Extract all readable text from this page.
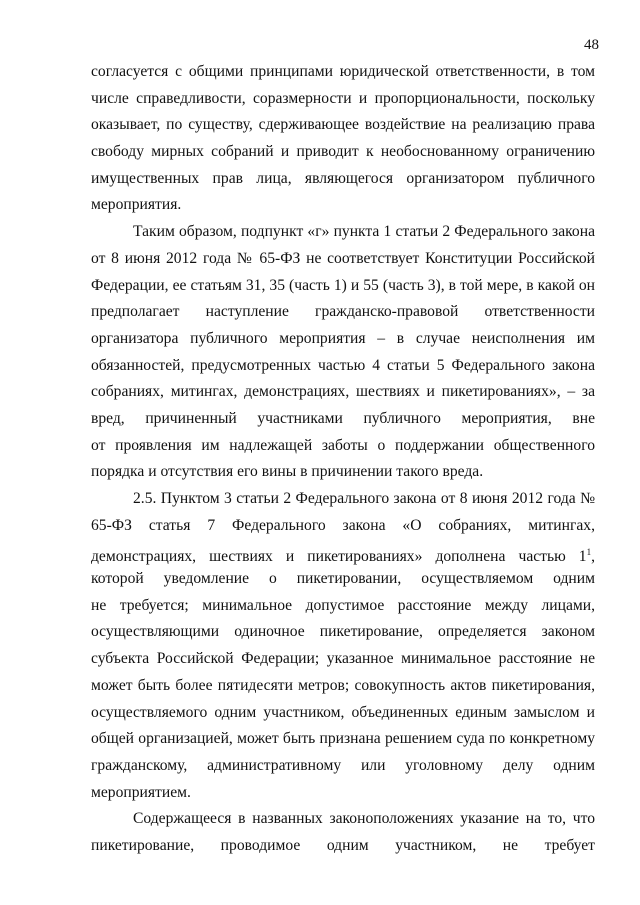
48
согласуется с общими принципами юридической ответственности, в том
числе справедливости, соразмерности и пропорциональности, поскольку
оказывает, по существу, сдерживающее воздействие на реализацию права
свободу мирных собраний и приводит к необоснованному ограничению
имущественных прав лица, являющегося организатором публичного
мероприятия.
Таким образом, подпункт «г» пункта 1 статьи 2 Федерального закона
от 8 июня 2012 года № 65-ФЗ не соответствует Конституции Российской
Федерации, ее статьям 31, 35 (часть 1) и 55 (часть 3), в той мере, в какой он
предполагает наступление гражданско-правовой ответственности
организатора публичного мероприятия – в случае неисполнения им
обязанностей, предусмотренных частью 4 статьи 5 Федерального закона
собраниях, митингах, демонстрациях, шествиях и пикетированиях», – за
вред, причиненный участниками публичного мероприятия, вне
от проявления им надлежащей заботы о поддержании общественного
порядка и отсутствия его вины в причинении такого вреда.
2.5. Пунктом 3 статьи 2 Федерального закона от 8 июня 2012 года №
65-ФЗ статья 7 Федерального закона «О собраниях, митингах,
демонстрациях, шествиях и пикетированиях» дополнена частью $1^1$,
которой уведомление о пикетировании, осуществляемом одним
не требуется; минимальное допустимое расстояние между лицами,
осуществляющими одиночное пикетирование, определяется законом
субъекта Российской Федерации; указанное минимальное расстояние не
может быть более пятидесяти метров; совокупность актов пикетирования,
осуществляемого одним участником, объединенных единым замыслом и
общей организацией, может быть признана решением суда по конкретному
гражданскому, административному или уголовному делу одним
мероприятием.
Содержащееся в названных законоположениях указание на то, что
пикетирование, проводимое одним участником, не требует
